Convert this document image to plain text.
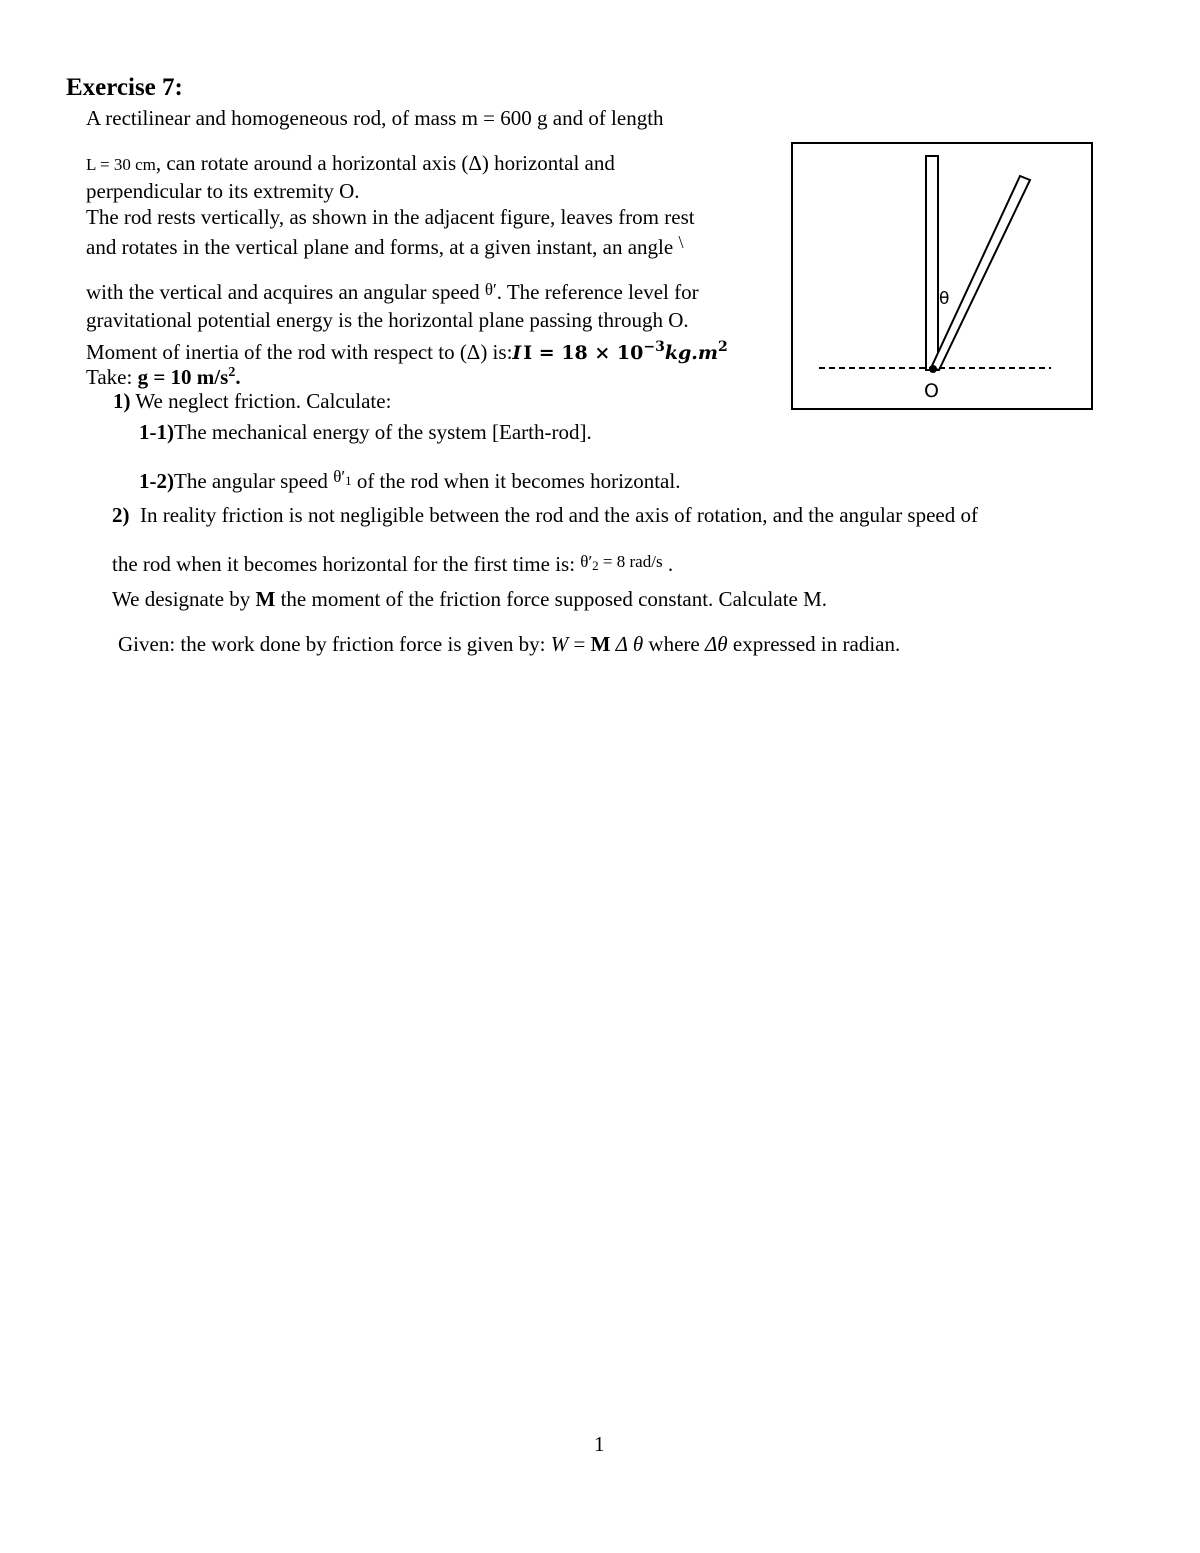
Exercise 7:
A rectilinear and homogeneous rod, of mass m = 600 g and of length
L = 30 cm, can rotate around a horizontal axis (Δ) horizontal and
perpendicular to its extremity O.
The rod rests vertically, as shown in the adjacent figure, leaves from rest
and rotates in the vertical plane and forms, at a given instant, an angle \
with the vertical and acquires an angular speed θ′. The reference level for
gravitational potential energy is the horizontal plane passing through O.
Moment of inertia of the rod with respect to (Δ) is:I $I = 18 \times 10^{-3}kg.m^2$
Take: g = 10 $m/s^2$.
1) We neglect friction. Calculate:
1-1)The mechanical energy of the system [Earth-rod].
1-2)The angular speed $\theta'_1$ of the rod when it becomes horizontal.
2) In reality friction is not negligible between the rod and the axis of rotation, and the angular speed of
the rod when it becomes horizontal for the first time is: $\theta'_2 = 8$ rad/s .
We designate by M the moment of the friction force supposed constant. Calculate M.
Given: the work done by friction force is given by: W = M Δ θ where Δθ expressed in radian.
θ
O
1
